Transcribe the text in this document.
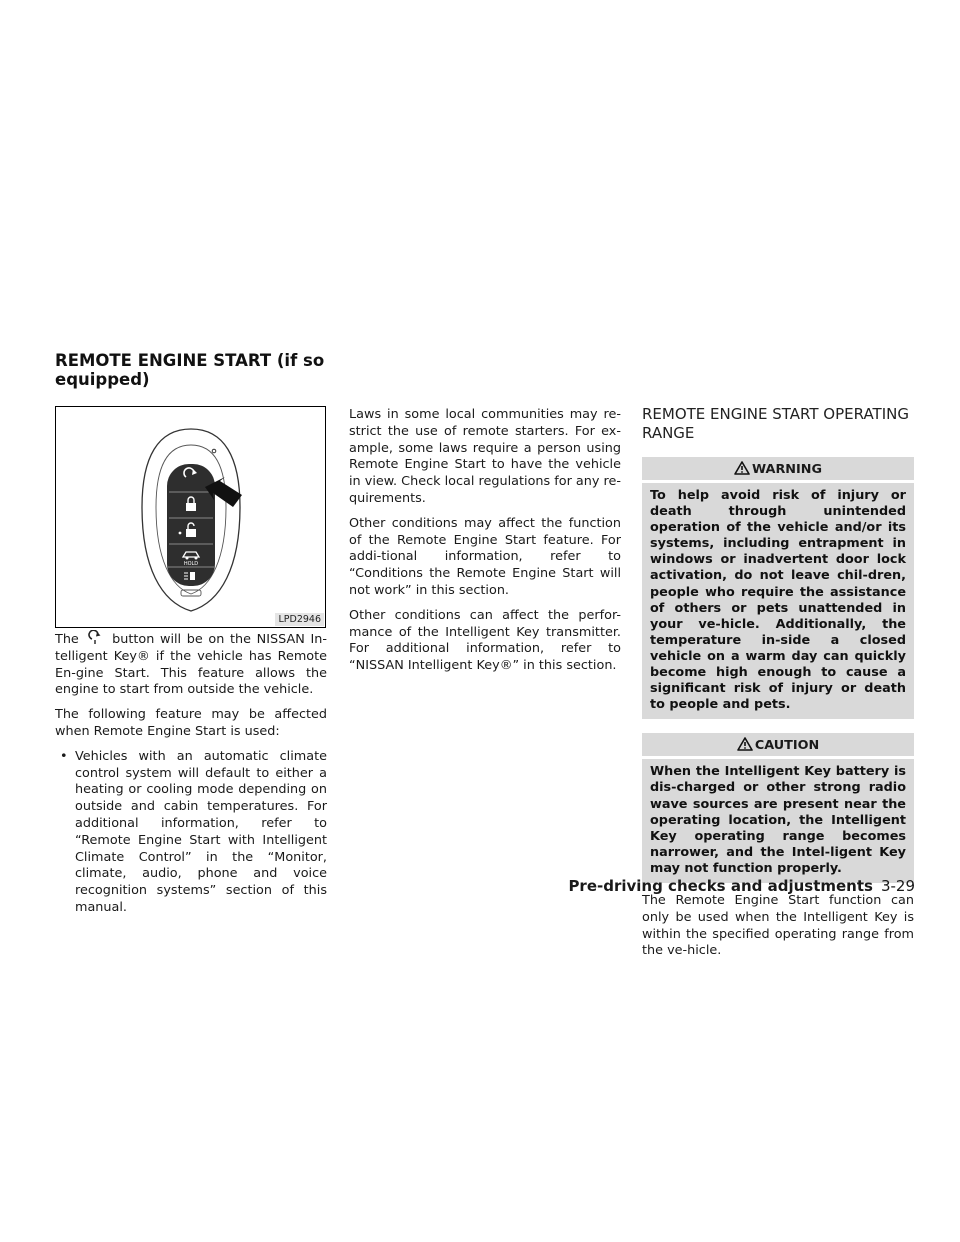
REMOTE ENGINE START (if so equipped)
HOLD
LPD2946

The	button will be on the NISSAN In-telligent Key® if the vehicle has Remote En-gine Start. This feature allows the engine to start from outside the vehicle.

The following feature may be affected when Remote Engine Start is used:

• Vehicles with an automatic climate control system will default to either a heating or cooling mode depending on outside and cabin temperatures. For additional information, refer to “Remote Engine Start with Intelligent Climate Control” in the “Monitor, climate, audio, phone and voice recognition systems” section of this manual.

Laws in some local communities may re-strict the use of remote starters. For ex-ample, some laws require a person using Remote Engine Start to have the vehicle in view. Check local regulations for any re-quirements.

Other conditions may affect the function of the Remote Engine Start feature. For addi-tional information, refer to “Conditions the Remote Engine Start will not work” in this section.

Other conditions can affect the perfor-mance of the Intelligent Key transmitter. For additional information, refer to “NISSAN Intelligent Key®” in this section.

REMOTE ENGINE START OPERATING RANGE
WARNING
To help avoid risk of injury or death through unintended operation of the vehicle and/or its systems, including entrapment in windows or inadvertent door lock activation, do not leave chil-dren, people who require the assistance of others or pets unattended in your ve-hicle. Additionally, the temperature in-side a closed vehicle on a warm day can quickly become high enough to cause a significant risk of injury or death to people and pets.
CAUTION
When the Intelligent Key battery is dis-charged or other strong radio wave sources are present near the operating location, the Intelligent Key operating range becomes narrower, and the Intel-ligent Key may not function properly.

The Remote Engine Start function can only be used when the Intelligent Key is within the specified operating range from the ve-hicle.

Pre-driving checks and adjustments 3-29
